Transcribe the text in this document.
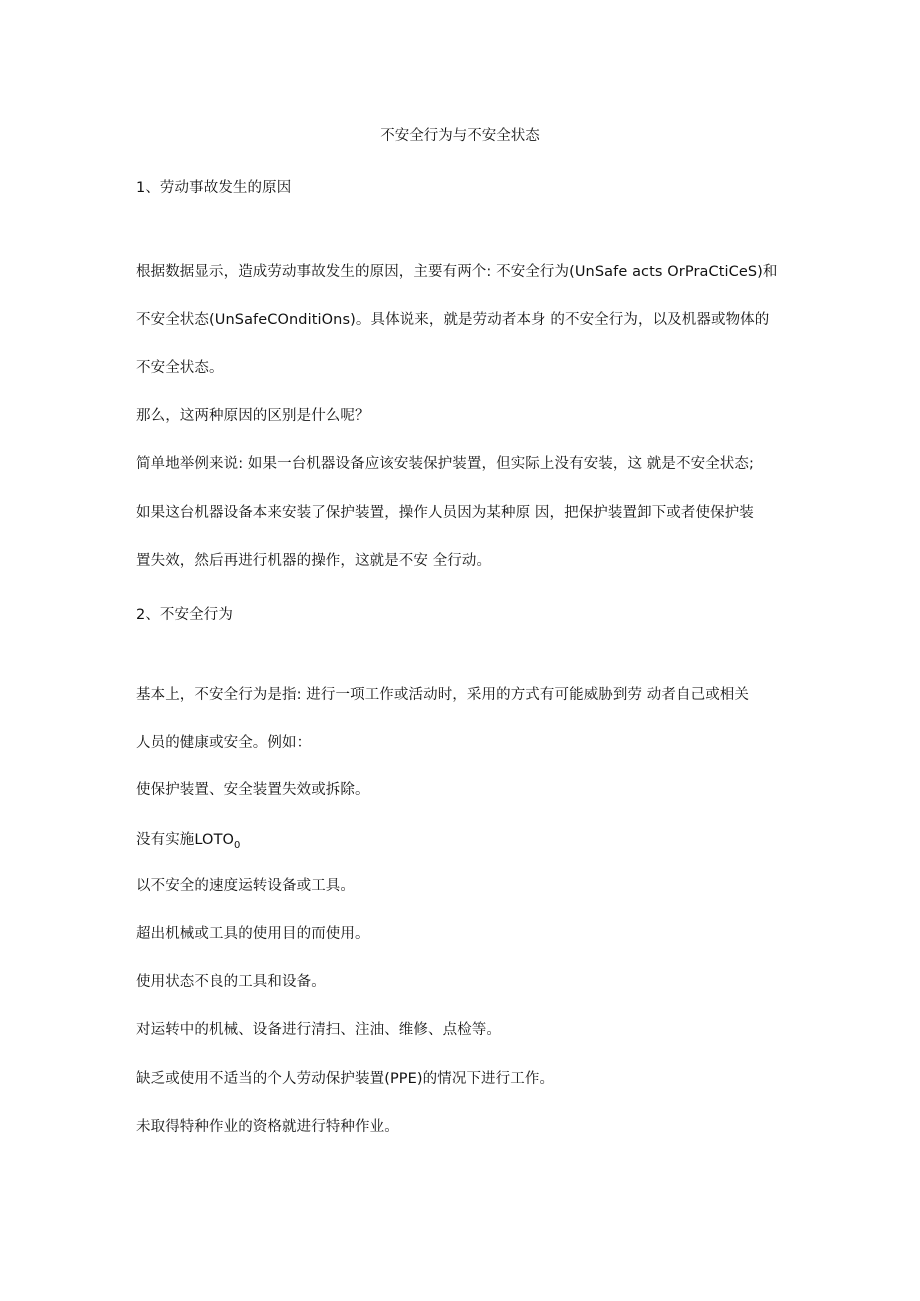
不安全行为与不安全状态
1、劳动事故发生的原因
根据数据显示，造成劳动事故发生的原因，主要有两个: 不安全行为(UnSafe acts OrPraCtiCeS)和
不安全状态(UnSafeCOnditiOns)。具体说来，就是劳动者本身 的不安全行为，以及机器或物体的
不安全状态。
那么，这两种原因的区别是什么呢？
简单地举例来说: 如果一台机器设备应该安装保护装置，但实际上没有安装，这 就是不安全状态;
如果这台机器设备本来安装了保护装置，操作人员因为某种原 因，把保护装置卸下或者使保护装
置失效，然后再进行机器的操作，这就是不安 全行动。
2、不安全行为
基本上，不安全行为是指: 进行一项工作或活动时，采用的方式有可能威胁到劳 动者自己或相关
人员的健康或安全。例如：
使保护装置、安全装置失效或拆除。
没有实施$LOTO_0$
以不安全的速度运转设备或工具。
超出机械或工具的使用目的而使用。
使用状态不良的工具和设备。
对运转中的机械、设备进行清扫、注油、维修、点检等。
缺乏或使用不适当的个人劳动保护装置(PPE)的情况下进行工作。
未取得特种作业的资格就进行特种作业。
